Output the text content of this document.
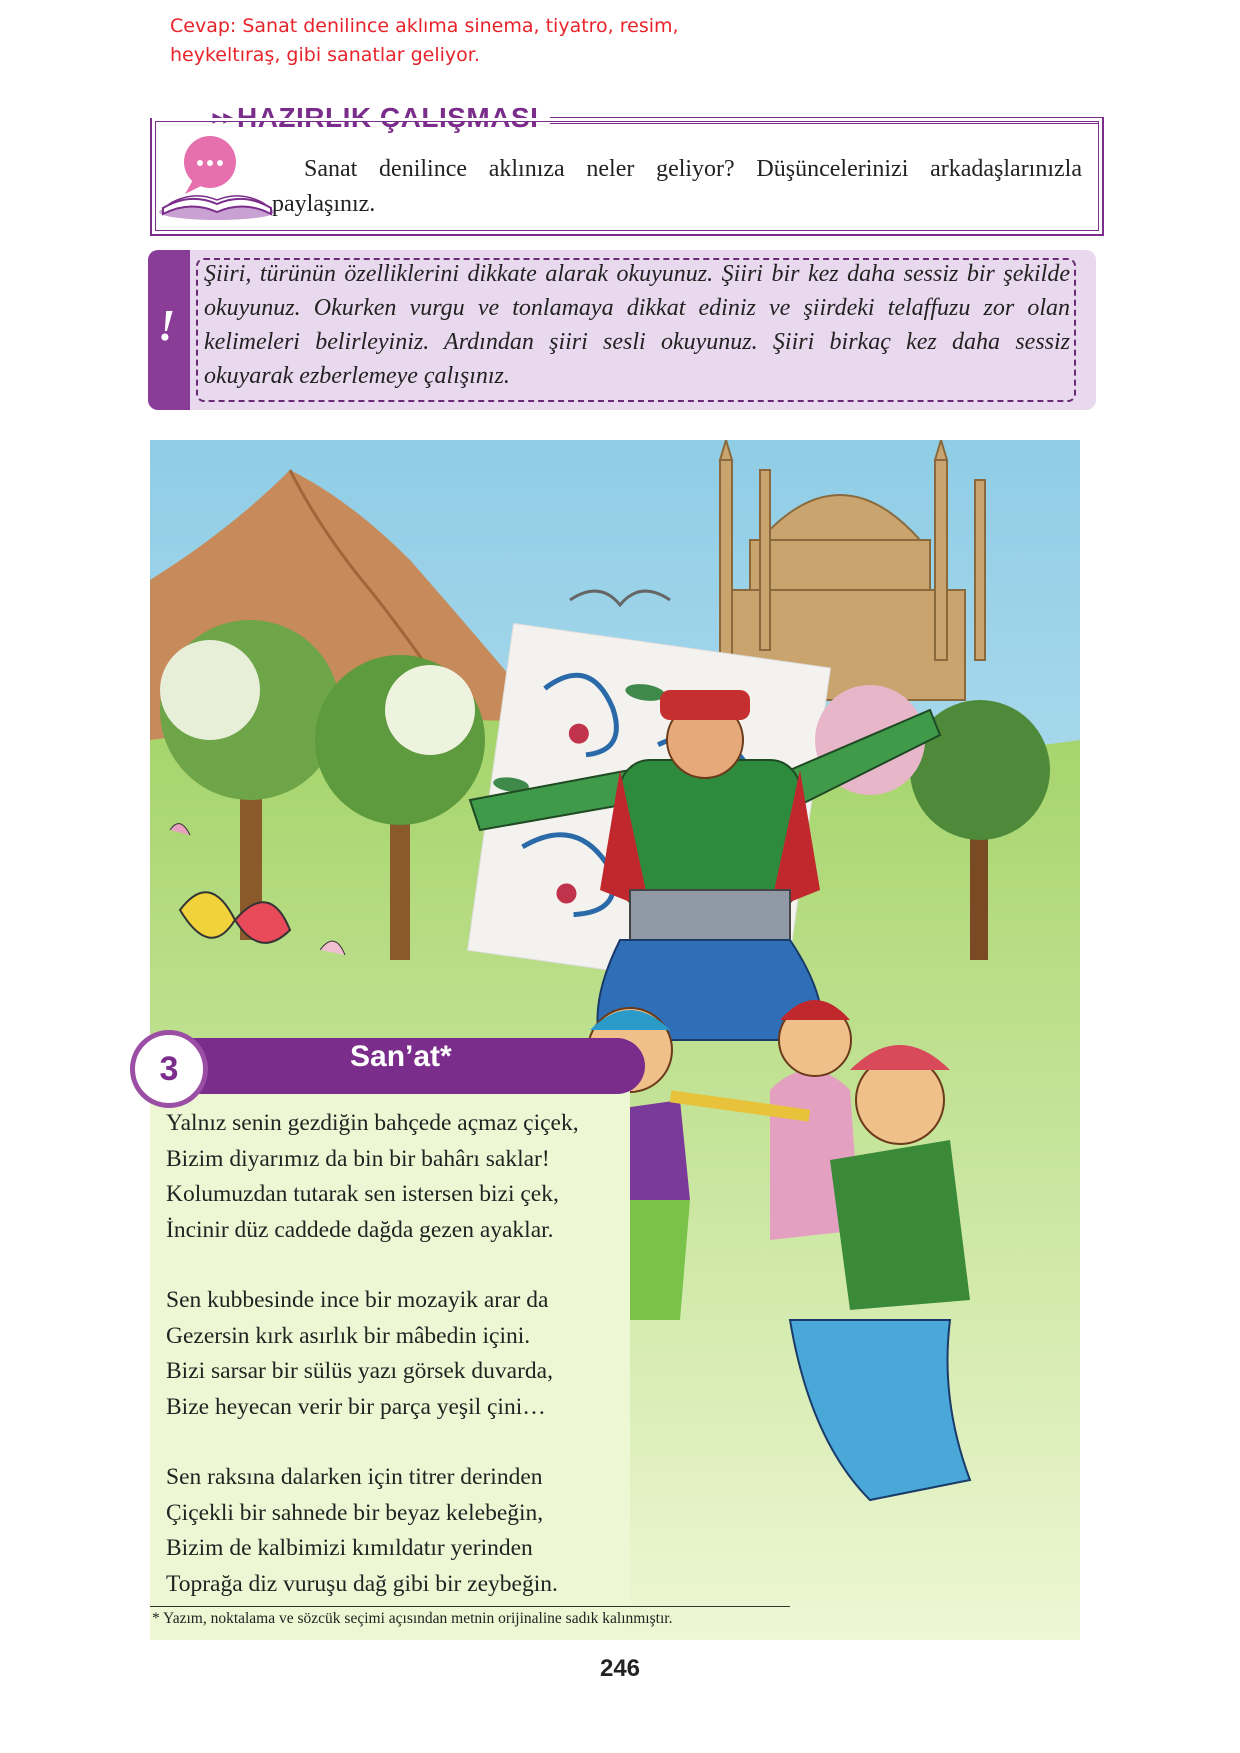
Cevap: Sanat denilince aklıma sinema, tiyatro, resim,
heykeltıraş, gibi sanatlar geliyor.
........ ▶▶ HAZIRLIK ÇALIŞMASI
Sanat denilince aklınıza neler geliyor? Düşüncelerinizi arkadaşlarınızla paylaşınız.
!
Şiiri, türünün özelliklerini dikkate alarak okuyunuz. Şiiri bir kez daha sessiz bir şekilde okuyunuz. Okurken vurgu ve tonlamaya dikkat ediniz ve şiirdeki telaffuzu zor olan kelimeleri belirleyiniz. Ardından şiiri sesli okuyunuz. Şiiri birkaç kez daha sessiz okuyarak ezberlemeye çalışınız.
3	San’at*
Yalnız senin gezdiğin bahçede açmaz çiçek,
Bizim diyarımız da bin bir bahârı saklar!
Kolumuzdan tutarak sen istersen bizi çek,
İncinir düz caddede dağda gezen ayaklar.
Sen kubbesinde ince bir mozayik arar da
Gezersin kırk asırlık bir mâbedin içini.
Bizi sarsar bir sülüs yazı görsek duvarda,
Bize heyecan verir bir parça yeşil çini…
Sen raksına dalarken için titrer derinden
Çiçekli bir sahnede bir beyaz kelebeğin,
Bizim de kalbimizi kımıldatır yerinden
Toprağa diz vuruşu dağ gibi bir zeybeğin.
* Yazım, noktalama ve sözcük seçimi açısından metnin orijinaline sadık kalınmıştır.
246
